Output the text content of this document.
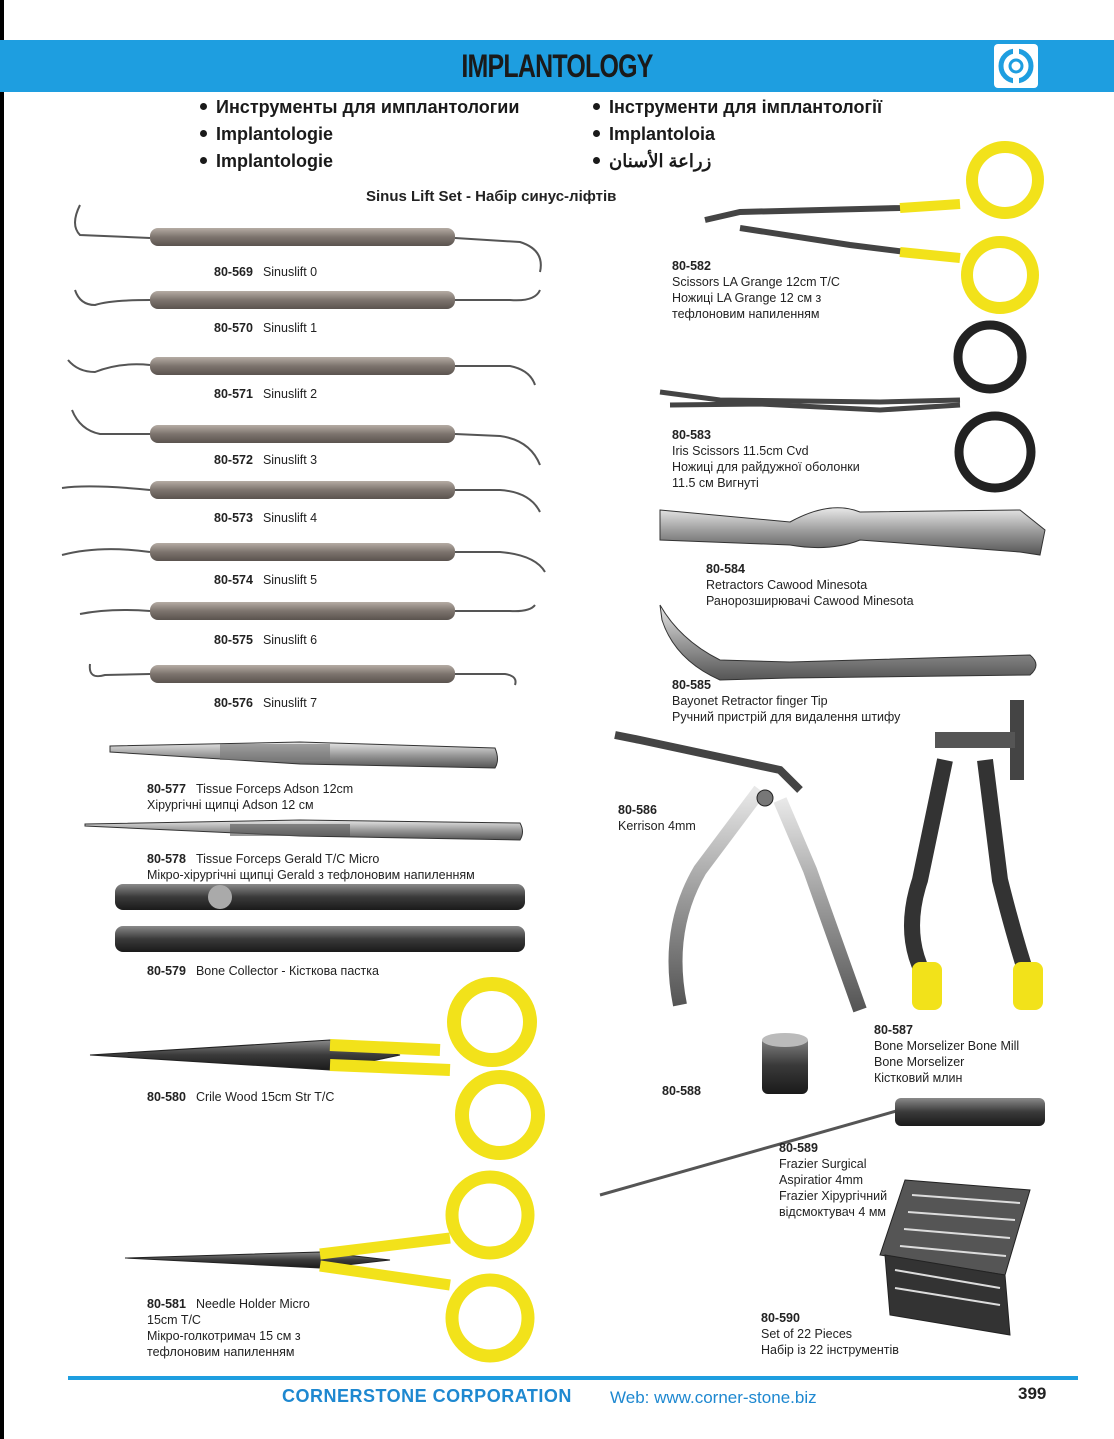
IMPLANTOLOGY
Инструменты для имплантологии
Implantologie
Implantologie
Інструменти для імплантології
Implantoloia
زراعة الأسنان
Sinus Lift Set - Набір синус-ліфтів
80-569 Sinuslift 0
80-570 Sinuslift 1
80-571 Sinuslift 2
80-572 Sinuslift 3
80-573 Sinuslift 4
80-574 Sinuslift 5
80-575 Sinuslift 6
80-576 Sinuslift 7
80-577 Tissue Forceps Adson 12cm
Хірургічні щипці Adson 12 см
80-578 Tissue Forceps Gerald T/C Micro
Мікро-хірургічні щипці Gerald з тефлоновим напиленням
80-579 Bone Collector - Кісткова пастка
80-580 Crile Wood 15cm Str T/C
80-581 Needle Holder Micro
15cm T/C
Мікро-голкотримач 15 см з
тефлоновим напиленням
80-582
Scissors LA Grange 12cm T/C
Ножиці LA Grange 12 см з
тефлоновим напиленням
80-583
Iris Scissors 11.5cm Cvd
Ножиці для райдужної оболонки
11.5 см Вигнуті
80-584
Retractors Cawood Minesota
Ранорозширювачі Cawood Minesota
80-585
Bayonet Retractor finger Tip
Ручний пристрій для видалення штифу
80-586
Kerrison 4mm
80-587
Bone Morselizer Bone Mill
Bone Morselizer
Кістковий млин
80-588
80-589
Frazier Surgical
Aspiratior 4mm
Frazier Хірургічний
відсмоктувач 4 мм
80-590
Set of 22 Pieces
Набір із 22 інструментів
CORNERSTONE CORPORATION Web: www.corner-stone.biz	399
